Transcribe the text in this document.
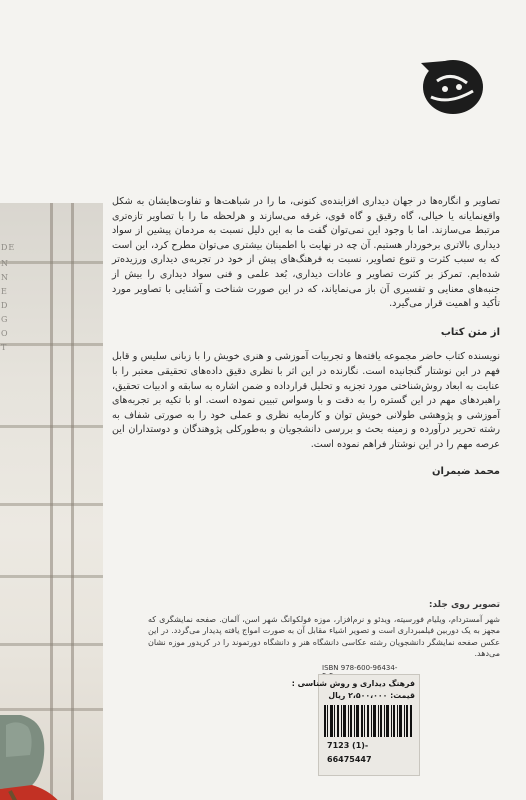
DE
N
N
E
D
G
O
T

تصاویر و انگاره‌ها در جهان دیداری افزاینده‌ی کنونی، ما را در شباهت‌ها و تفاوت‌هایشان به شکل واقع‌نمایانه یا خیالی، گاه رقیق و گاه قوی، غرقه می‌سازند و هرلحظه ما را با تصاویر تازه‌تری مرتبط می‌سازند. اما با وجود این نمی‌توان گفت ما به این دلیل نسبت به مردمان پیشین از سواد دیداری بالاتری برخوردار هستیم. آن چه در نهایت با اطمینان بیشتری می‌توان مطرح کرد، این است که به سبب کثرت و تنوع تصاویر، نسبت به فرهنگ‌های پیش از خود در تجربه‌ی دیداری ورزیده‌تر شده‌ایم. تمرکز بر کثرت تصاویر و عادات دیداری، بُعد علمی و فنی سواد دیداری را بیش از جنبه‌های معنایی و تفسیری آن باز می‌نمایاند، که در این صورت شناخت و آشنایی با تصاویر مورد تأکید و اهمیت قرار می‌گیرد.

از متن کتاب

نویسنده کتاب حاضر مجموعه یافته‌ها و تجربیات آموزشی و هنری خویش را با زبانی سلیس و قابل فهم در این نوشتار گنجانیده است. نگارنده در این اثر با نظری دقیق داده‌های تحقیقی معتبر را با عنایت به ابعاد روش‌شناختی مورد تجزیه و تحلیل قرارداده و ضمن اشاره به سابقه و ادبیات تحقیق، راهبردهای مهم در این گستره را به دقت و با وسواس تبیین نموده است. او با تکیه بر تجربه‌های آموزشی و پژوهشی طولانی خویش توان و کارمایه نظری و عملی خود را به صورتی شفاف به رشته تحریر درآورده و زمینه بحث و بررسی دانشجویان و به‌طورکلی پژوهندگان و دوستداران این عرصه مهم را در این نوشتار فراهم نموده است.

محمد ضیمران

تصویر روی جلد:
شهر آمستردام، ویلیام فورسیته، ویدئو و نرم‌افزار، موزه فولکوانگ شهر اسن، آلمان. صفحه نمایشگری که مجهز به یک دوربین فیلمبرداری است و تصویر اشیاء مقابل آن به صورت امواج یافته پدیدار می‌گردد. در این عکس صفحه نمایشگر دانشجویان رشته عکاسی دانشگاه هنر و دانشگاه دورتموند را در کریدور موزه نشان می‌دهد.
ISBN 978-600-96434-
فرهنگ دیداری و روش شناسی :
قیمت: ۲،۵۰۰،۰۰۰ ریال
7123 (1)-
66475447
